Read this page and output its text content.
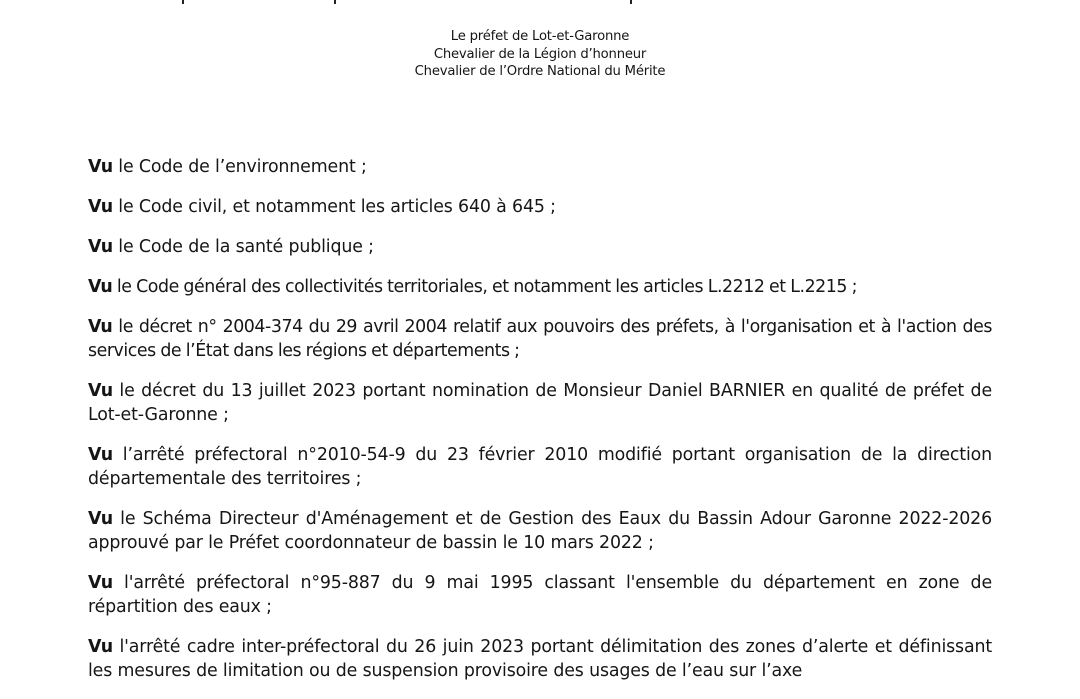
Le préfet de Lot-et-Garonne
Chevalier de la Légion d’honneur
Chevalier de l’Ordre National du Mérite

Vu le Code de l’environnement ;

Vu le Code civil, et notamment les articles 640 à 645 ;

Vu le Code de la santé publique ;

Vu le Code général des collectivités territoriales, et notamment les articles L.2212 et L.2215 ;

Vu le décret n° 2004-374 du 29 avril 2004 relatif aux pouvoirs des préfets, à l'organisation et à l'action des services de l’État dans les régions et départements ;

Vu le décret du 13 juillet 2023 portant nomination de Monsieur Daniel BARNIER en qualité de préfet de Lot-et-Garonne ;

Vu l’arrêté préfectoral n°2010-54-9 du 23 février 2010 modifié portant organisation de la direction départementale des territoires ;

Vu le Schéma Directeur d'Aménagement et de Gestion des Eaux du Bassin Adour Garonne 2022-2026 approuvé par le Préfet coordonnateur de bassin le 10 mars 2022 ;

Vu l'arrêté préfectoral n°95-887 du 9 mai 1995 classant l'ensemble du département en zone de répartition des eaux ;

Vu l'arrêté cadre inter-préfectoral du 26 juin 2023 portant délimitation des zones d’alerte et définissant les mesures de limitation ou de suspension provisoire des usages de l’eau sur l’axe
